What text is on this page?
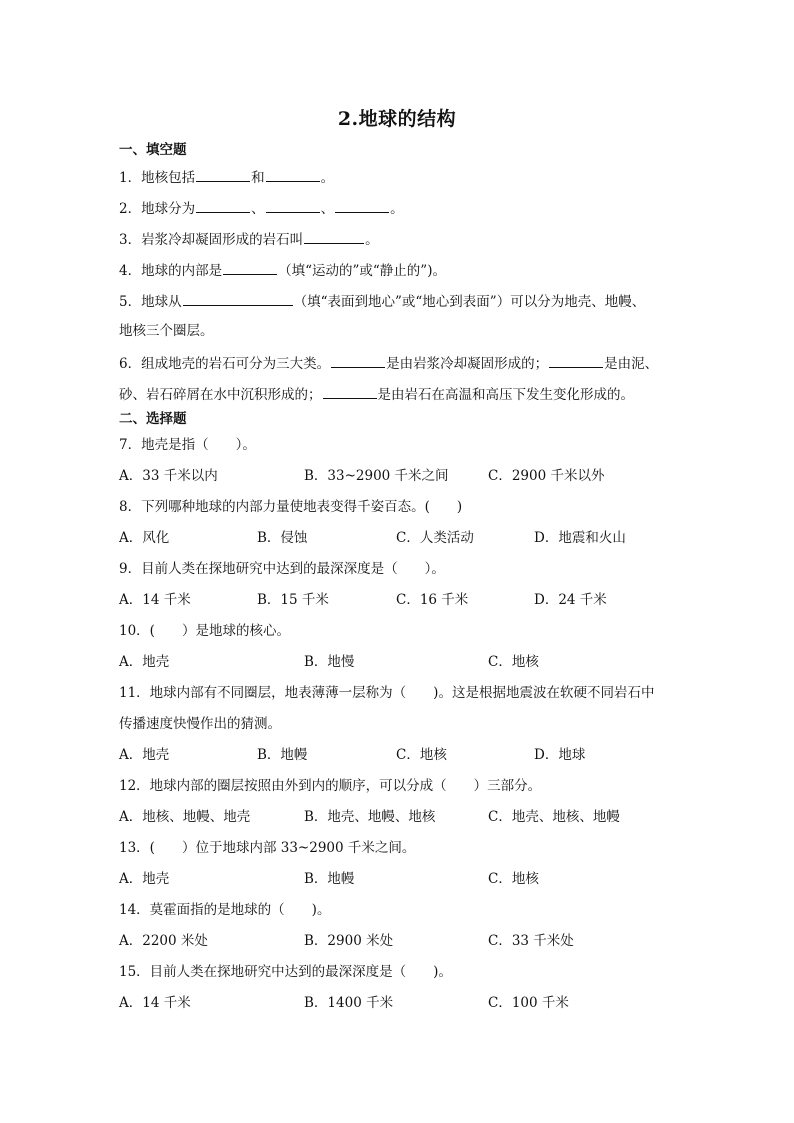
2.地球的结构
一、填空题
1．地核包括	和	。
2．地球分为	、	、	。
3．岩浆冷却凝固形成的岩石叫	。
4．地球的内部是	（填“运动的”或“静止的”)。
5．地球从	（填“表面到地心”或“地心到表面”）可以分为地壳、地幔、
地核三个圈层。
6．组成地壳的岩石可分为三大类。	是由岩浆冷却凝固形成的；	是由泥、
砂、岩石碎屑在水中沉积形成的；	是由岩石在高温和高压下发生变化形成的。
二、选择题
7．地壳是指（　　）。
A．33 千米以内	B．33~2900 千米之间	C．2900 千米以外
8．下列哪种地球的内部力量使地表变得千姿百态。(　　)
A．风化	B．侵蚀	C．人类活动	D．地震和火山
9．目前人类在探地研究中达到的最深深度是（　　）。
A．14 千米	B．15 千米	C．16 千米	D．24 千米
10．(　　）是地球的核心。
A．地壳	B．地慢	C．地核
11．地球内部有不同圈层，地表薄薄一层称为（　　)。这是根据地震波在软硬不同岩石中
传播速度快慢作出的猜测。
A．地壳	B．地幔	C．地核	D．地球
12．地球内部的圈层按照由外到内的顺序，可以分成（　　）三部分。
A．地核、地幔、地壳	B．地壳、地幔、地核	C．地壳、地核、地幔
13．(　　）位于地球内部 33~2900 千米之间。
A．地壳	B．地幔	C．地核
14．莫霍面指的是地球的（　　)。
A．2200 米处	B．2900 米处	C．33 千米处
15．目前人类在探地研究中达到的最深深度是（　　)。
A．14 千米	B．1400 千米	C．100 千米
